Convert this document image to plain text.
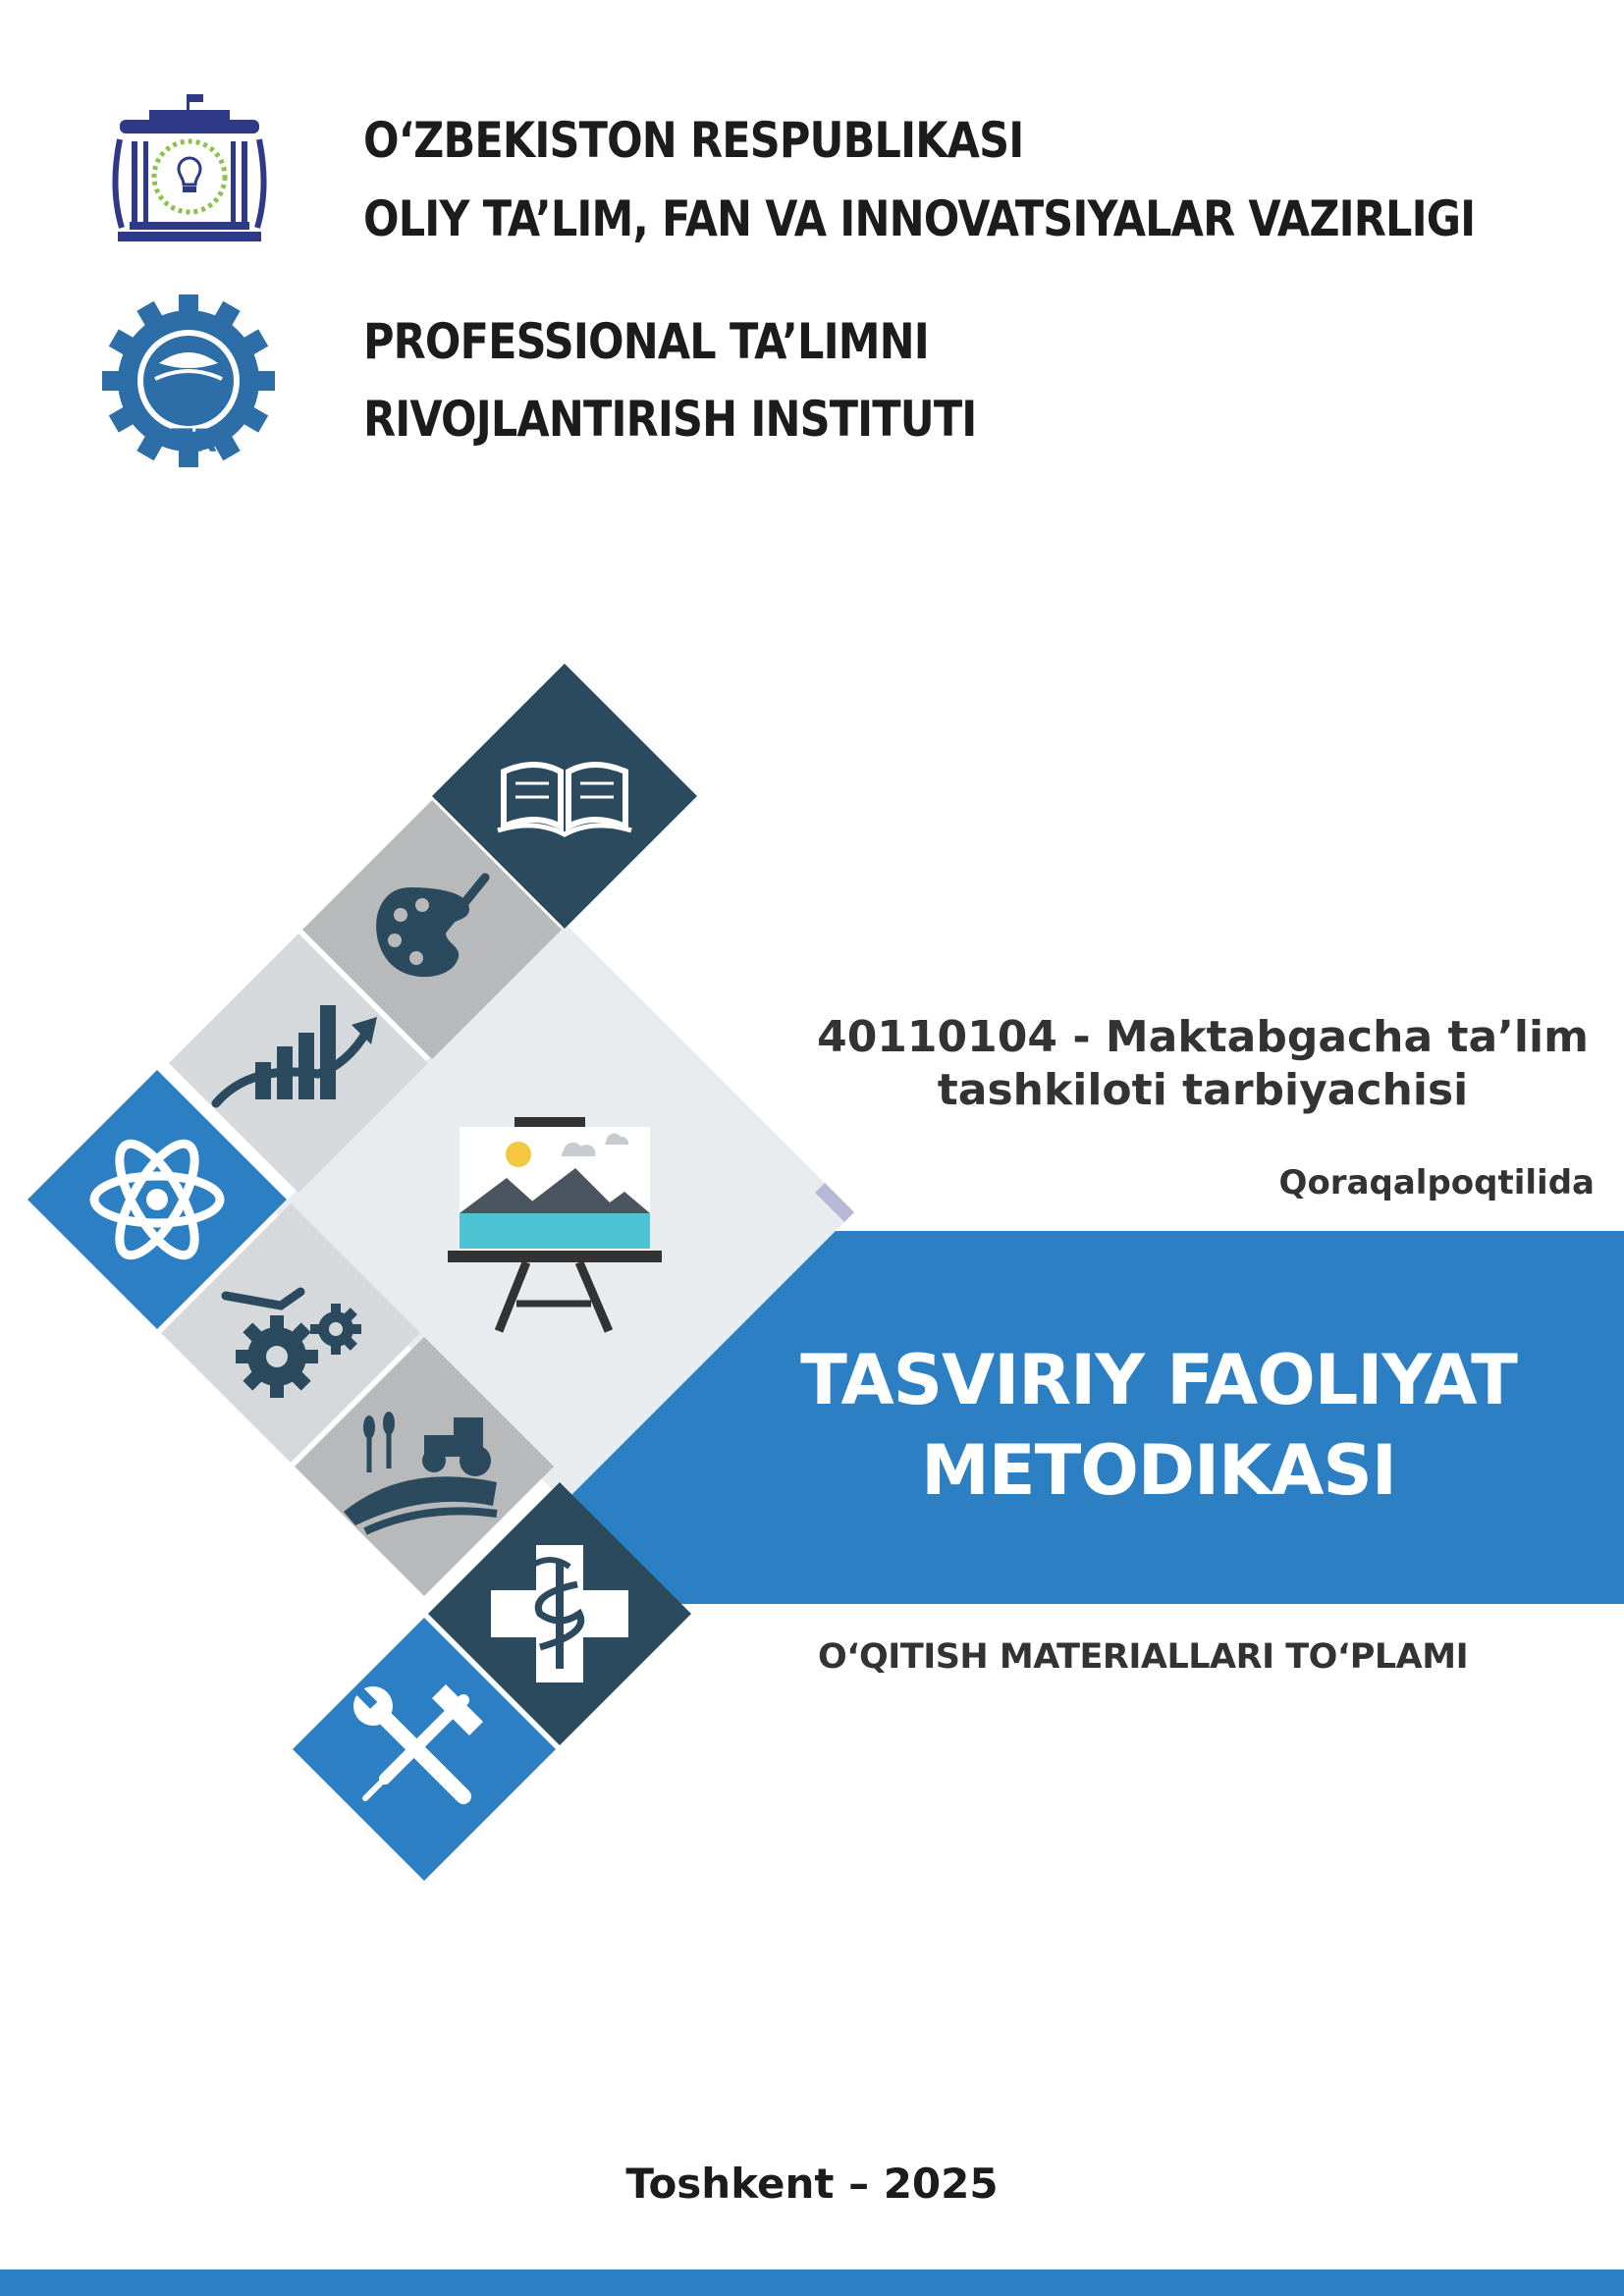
PTRI
O‘ZBEKISTON RESPUBLIKASI
OLIY TA’LIM, FAN VA INNOVATSIYALAR VAZIRLIGI
PROFESSIONAL TA’LIMNI
RIVOJLANTIRISH INSTITUTI
40110104 - Maktabgacha ta’lim
tashkiloti tarbiyachisi
Qoraqalpoqtilida
TASVIRIY FAOLIYAT
METODIKASI
O‘QITISH MATERIALLARI TO‘PLAMI
Toshkent – 2025
